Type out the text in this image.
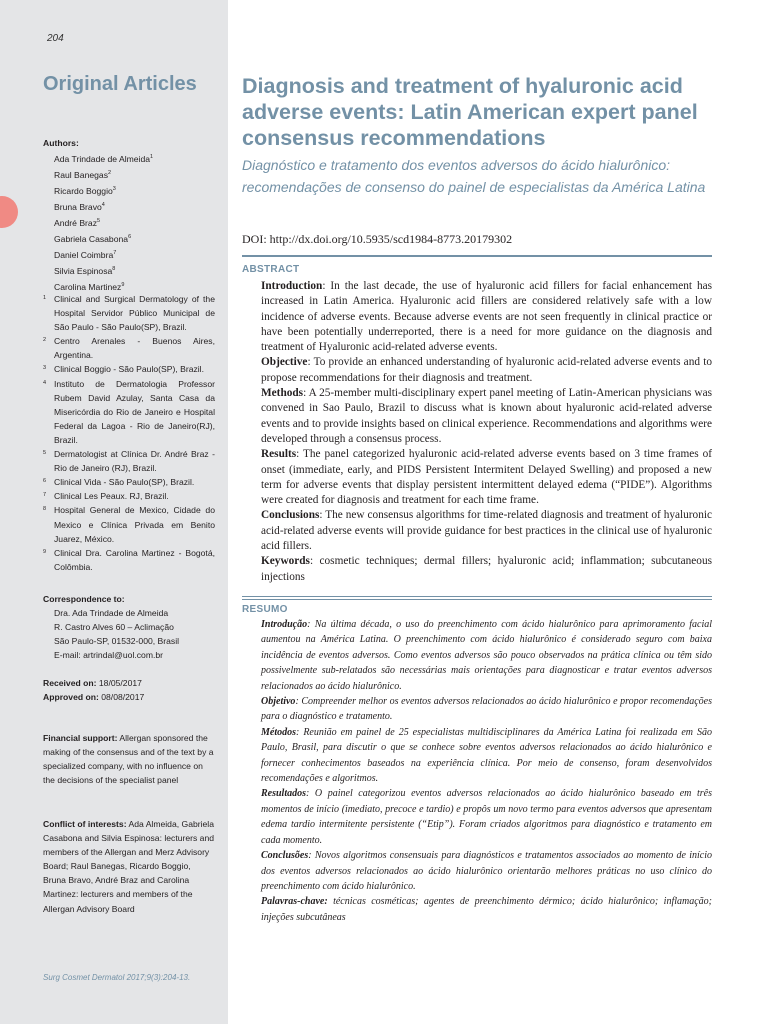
204
Original Articles
Authors:
Ada Trindade de Almeida$^1$
Raul Banegas$^2$
Ricardo Boggio$^3$
Bruna Bravo$^4$
André Braz$^5$
Gabriela Casabona$^6$
Daniel Coimbra$^7$
Silvia Espinosa$^8$
Carolina Martinez$^9$
1 Clinical and Surgical Dermatology of the Hospital Servidor Público Municipal de São Paulo - São Paulo(SP), Brazil.
2 Centro Arenales - Buenos Aires, Argentina.
3 Clinical Boggio - São Paulo(SP), Brazil.
4 Instituto de Dermatologia Professor Rubem David Azulay, Santa Casa da Misericórdia do Rio de Janeiro e Hospital Federal da Lagoa - Rio de Janeiro(RJ), Brazil.
5 Dermatologist at Clínica Dr. André Braz - Rio de Janeiro (RJ), Brazil.
6 Clinical Vida - São Paulo(SP), Brazil.
7 Clinical Les Peaux. RJ, Brazil.
8 Hospital General de Mexico, Cidade do Mexico e Clínica Privada em Benito Juarez, México.
9 Clinical Dra. Carolina Martinez - Bogotá, Colômbia.
Correspondence to:
Dra. Ada Trindade de Almeida
R. Castro Alves 60 – Aclimação
São Paulo-SP, 01532-000, Brasil
E-mail: artrindal@uol.com.br
Received on: 18/05/2017
Approved on: 08/08/2017
Financial support: Allergan sponsored the making of the consensus and of the text by a specialized company, with no influence on the decisions of the specialist panel
Conflict of interests: Ada Almeida, Gabriela Casabona and Silvia Espinosa: lecturers and members of the Allergan and Merz Advisory Board; Raul Banegas, Ricardo Boggio, Bruna Bravo, André Braz and Carolina Martinez: lecturers and members of the Allergan Advisory Board
Surg Cosmet Dermatol 2017;9(3):204-13.
Diagnosis and treatment of hyaluronic acid adverse events: Latin American expert panel consensus recommendations
Diagnóstico e tratamento dos eventos adversos do ácido hialurônico: recomendações de consenso do painel de especialistas da América Latina
DOI: http://dx.doi.org/10.5935/scd1984-8773.20179302
ABSTRACT

Introduction: In the last decade, the use of hyaluronic acid fillers for facial enhancement has increased in Latin America. Hyaluronic acid fillers are considered relatively safe with a low incidence of adverse events. Because adverse events are not seen frequently in clinical practice or have been potentially underreported, there is a need for more guidance on the diagnosis and treatment of Hyaluronic acid-related adverse events.

Objective: To provide an enhanced understanding of hyaluronic acid-related adverse events and to propose recommendations for their diagnosis and treatment.

Methods: A 25-member multi-disciplinary expert panel meeting of Latin-American physicians was convened in Sao Paulo, Brazil to discuss what is known about hyaluronic acid-related adverse events and to provide insights based on clinical experience. Recommendations and algorithms were developed through a consensus process.

Results: The panel categorized hyaluronic acid-related adverse events based on 3 time frames of onset (immediate, early, and PIDS Persistent Intermitent Delayed Swelling) and proposed a new term for adverse events that display persistent intermittent delayed edema (“PIDE”). Algorithms were created for diagnosis and treatment for each time frame.

Conclusions: The new consensus algorithms for time-related diagnosis and treatment of hyaluronic acid-related adverse events will provide guidance for best practices in the clinical use of hyaluronic acid fillers.

Keywords: cosmetic techniques; dermal fillers; hyaluronic acid; inflammation; subcutaneous injections

RESUMO

Introdução: Na última década, o uso do preenchimento com ácido hialurônico para aprimoramento facial aumentou na América Latina. O preenchimento com ácido hialurônico é considerado seguro com baixa incidência de eventos adversos. Como eventos adversos são pouco observados na prática clínica ou têm sido possivelmente sub-relatados são necessárias mais orientações para diagnosticar e tratar eventos adversos relacionados ao ácido hialurônico.

Objetivo: Compreender melhor os eventos adversos relacionados ao ácido hialurônico e propor recomendações para o diagnóstico e tratamento.

Métodos: Reunião em painel de 25 especialistas multidisciplinares da América Latina foi realizada em São Paulo, Brasil, para discutir o que se conhece sobre eventos adversos relacionados ao ácido hialurônico e fornecer conhecimentos baseados na experiência clínica. Por meio de consenso, foram desenvolvidos recomendações e algoritmos.

Resultados: O painel categorizou eventos adversos relacionados ao ácido hialurônico baseado em três momentos de início (imediato, precoce e tardio) e propôs um novo termo para eventos adversos que apresentam edema tardio intermitente persistente (“Etip”). Foram criados algoritmos para diagnóstico e tratamento em cada momento.

Conclusões: Novos algoritmos consensuais para diagnósticos e tratamentos associados ao momento de início dos eventos adversos relacionados ao ácido hialurônico orientarão melhores práticas no uso clínico do preenchimento com ácido hialurônico.

Palavras-chave: técnicas cosméticas; agentes de preenchimento dérmico; ácido hialurônico; inflamação; injeções subcutâneas
